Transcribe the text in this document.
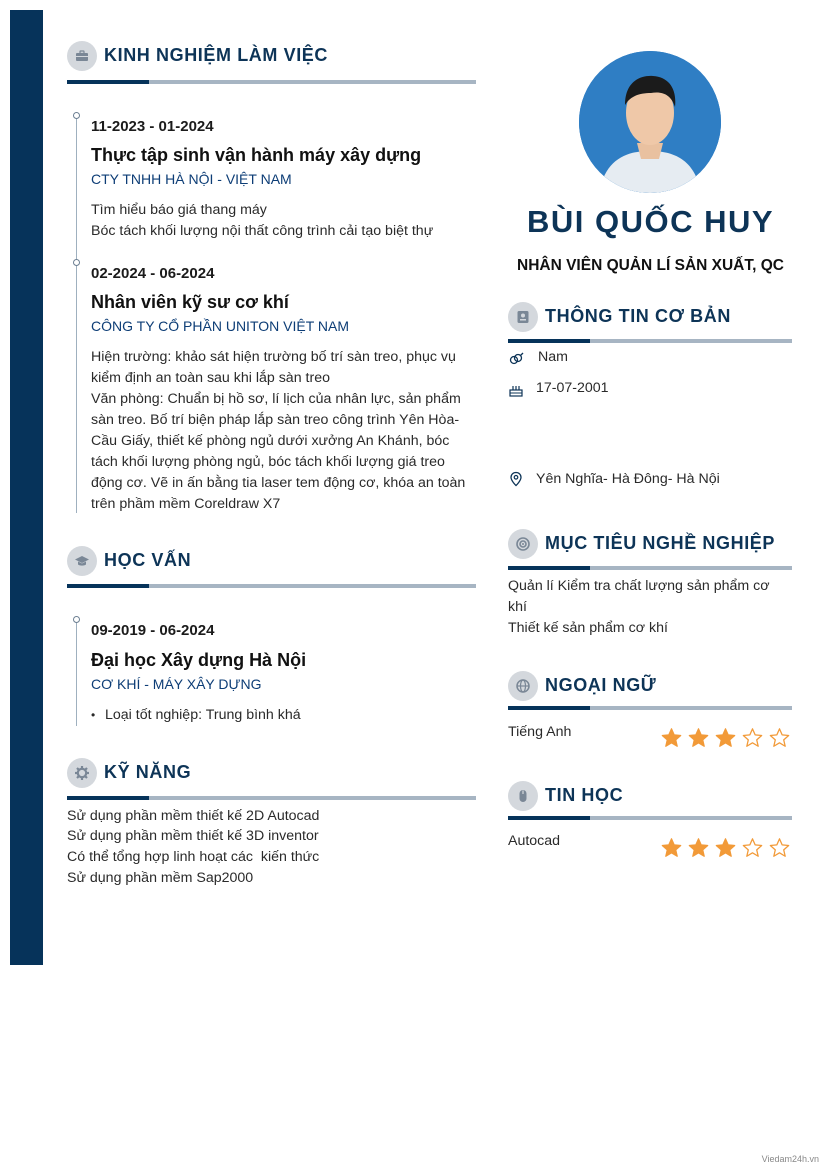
KINH NGHIỆM LÀM VIỆC
11-2023 - 01-2024
Thực tập sinh vận hành máy xây dựng
CTY TNHH HÀ NỘI - VIỆT NAM
Tìm hiểu báo giá thang máy
Bóc tách khối lượng nội thất công trình cải tạo biệt thự
02-2024 - 06-2024
Nhân viên kỹ sư cơ khí
CÔNG TY CỔ PHẦN UNITON VIỆT NAM
Hiện trường: khảo sát hiện trường bố trí sàn treo, phục vụ kiểm định an toàn sau khi lắp sàn treo
Văn phòng: Chuẩn bị hồ sơ, lí lịch của nhân lực, sản phẩm sàn treo. Bố trí biện pháp lắp sàn treo công trình Yên Hòa- Cầu Giấy, thiết kế phòng ngủ dưới xưởng An Khánh, bóc tách khối lượng phòng ngủ, bóc tách khối lượng giá treo động cơ. Vẽ in ấn bằng tia laser tem động cơ, khóa an toàn trên phầm mềm Coreldraw X7
HỌC VẤN
09-2019 - 06-2024
Đại học Xây dựng Hà Nội
CƠ KHÍ - MÁY XÂY DỰNG
• Loại tốt nghiệp: Trung bình khá
KỸ NĂNG
Sử dụng phần mềm thiết kế 2D Autocad
Sử dụng phần mềm thiết kế 3D inventor
Có thể tổng hợp linh hoạt các  kiến thức
Sử dụng phần mềm Sap2000
BÙI QUỐC HUY
NHÂN VIÊN QUẢN LÍ SẢN XUẤT, QC
THÔNG TIN CƠ BẢN
Nam
17-07-2001
Yên Nghĩa- Hà Đông- Hà Nội
MỤC TIÊU NGHỀ NGHIỆP
Quản lí Kiểm tra chất lượng sản phẩm cơ khí
Thiết kế sản phẩm cơ khí
NGOẠI NGỮ
Tiếng Anh
TIN HỌC
Autocad
Viedam24h.vn
